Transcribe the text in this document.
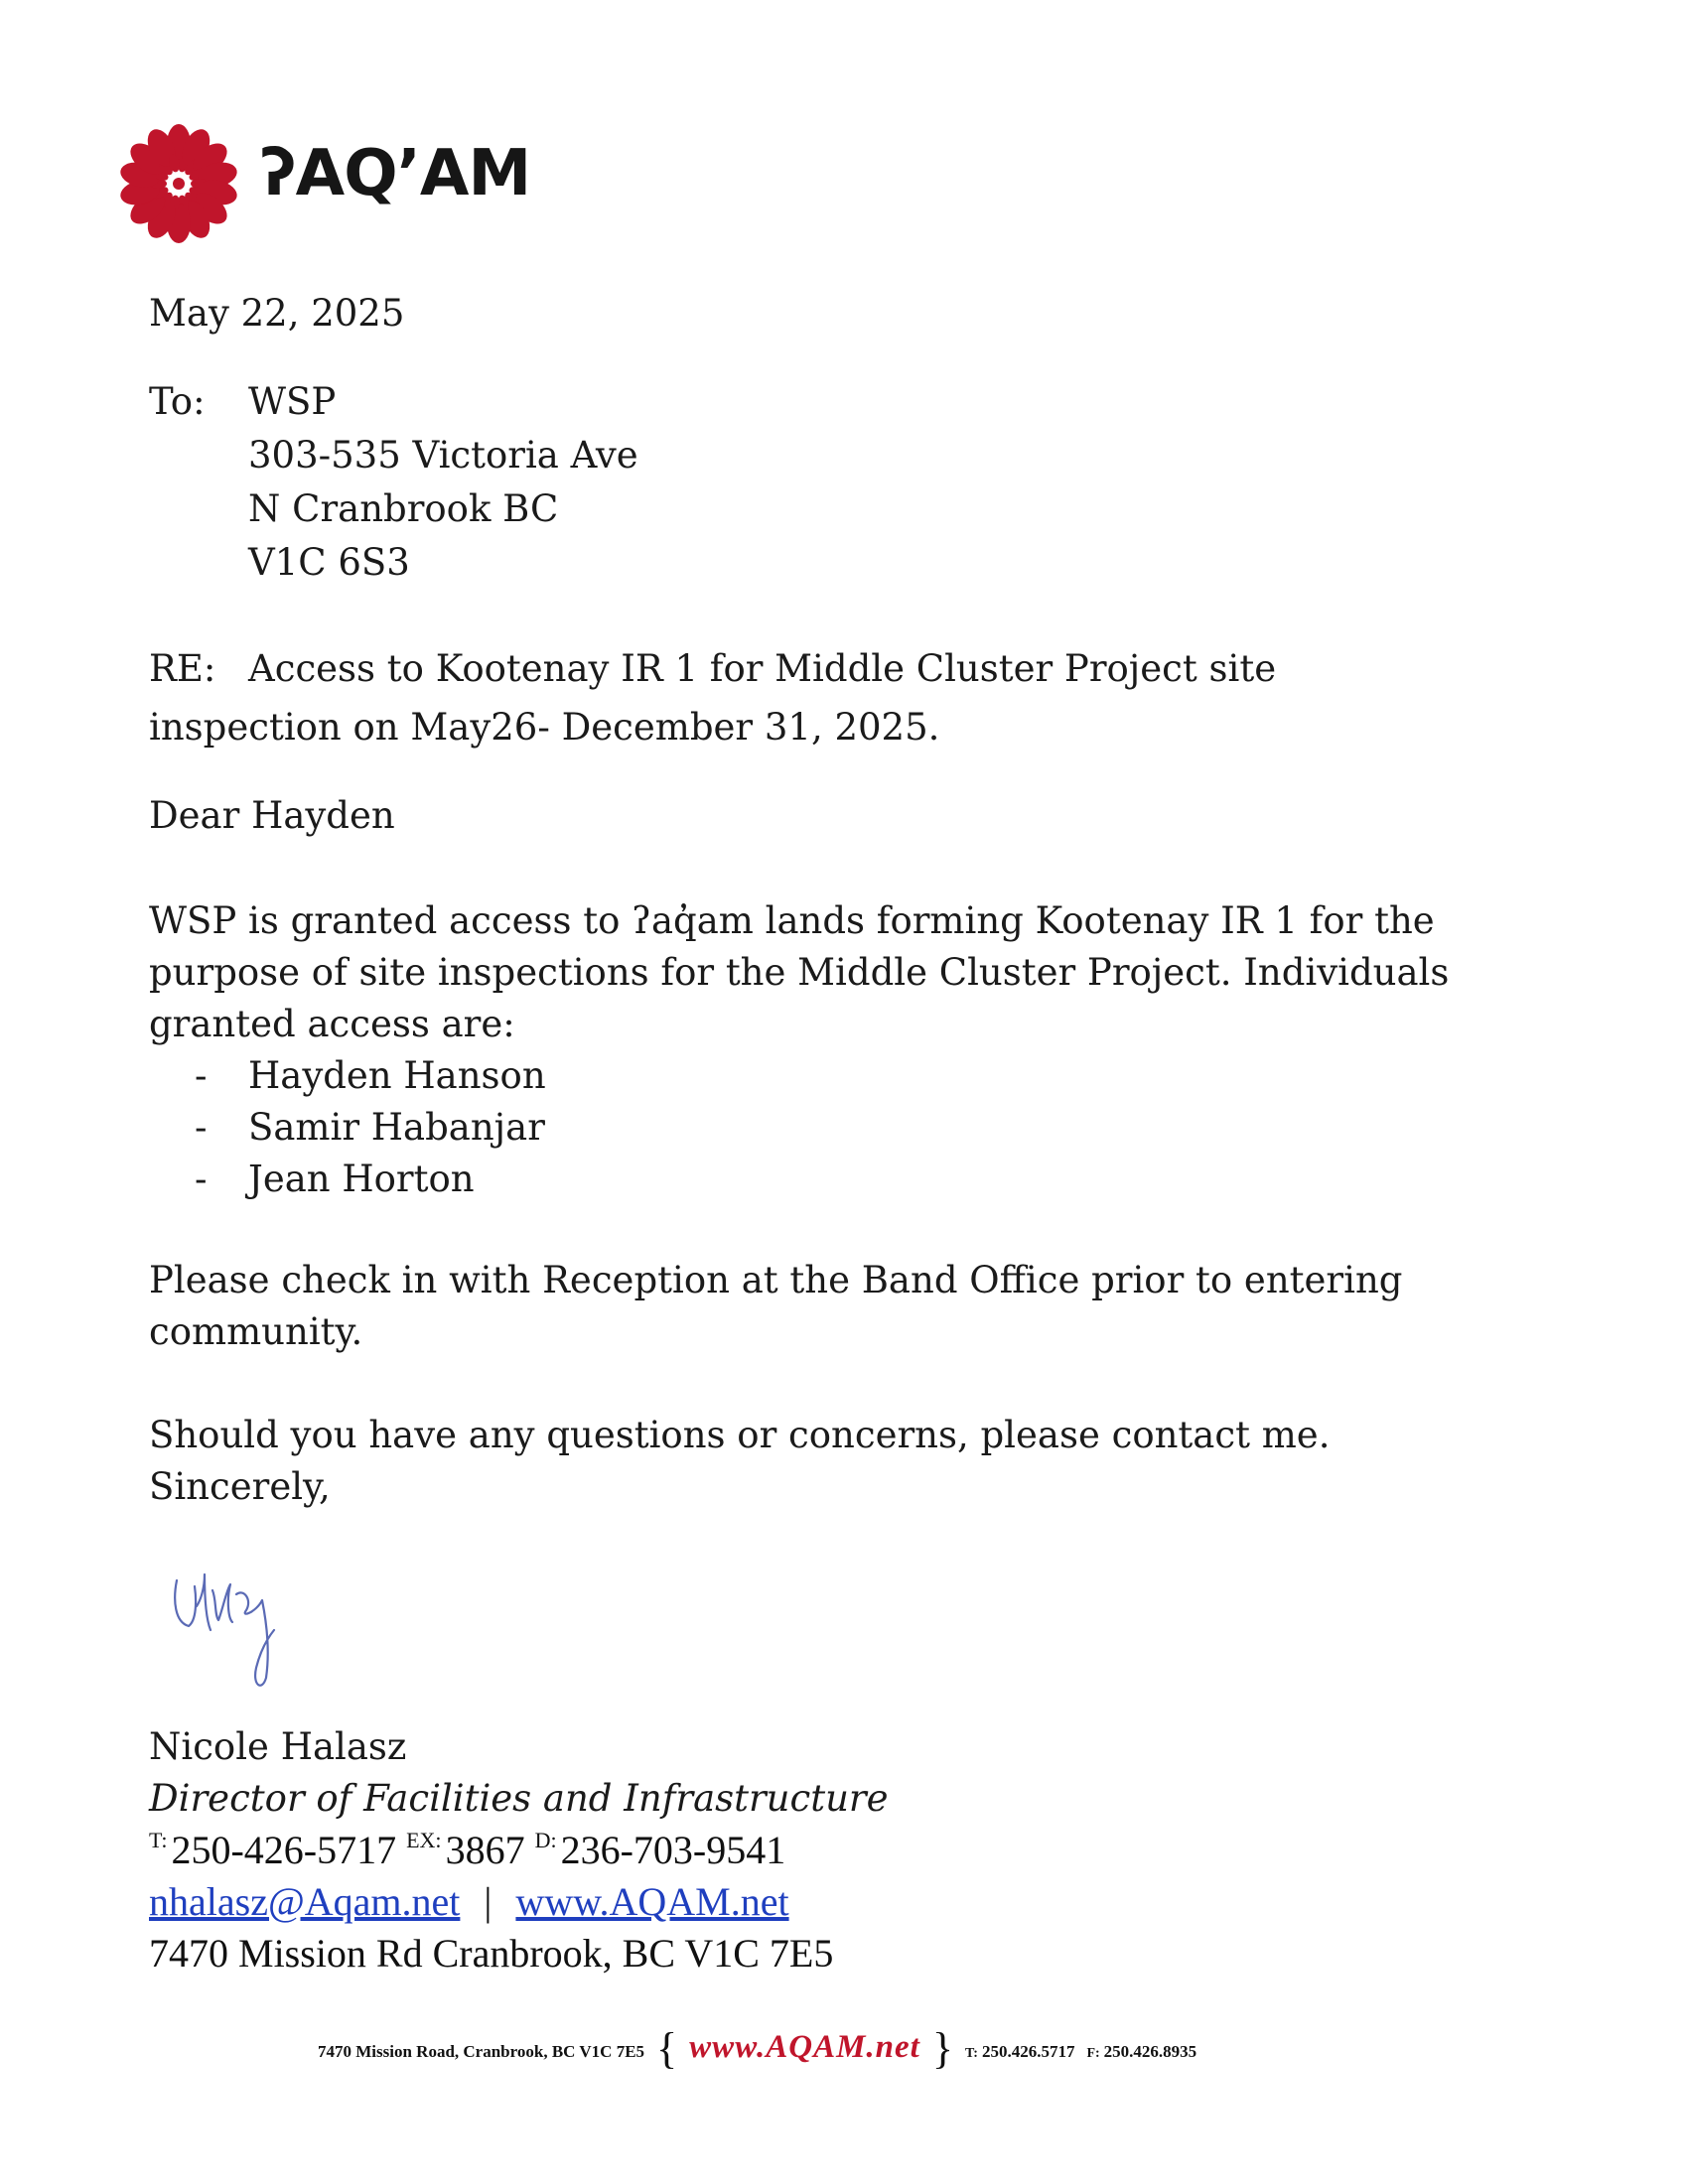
ʔAQ’AM
May 22, 2025
To: WSP
303-535 Victoria Ave
N Cranbrook BC
V1C 6S3
RE: Access to Kootenay IR 1 for Middle Cluster Project site
inspection on May26- December 31, 2025.
Dear Hayden
WSP is granted access to ʔaq̓am lands forming Kootenay IR 1 for the purpose of site inspections for the Middle Cluster Project. Individuals granted access are:
- Hayden Hanson
- Samir Habanjar
- Jean Horton
Please check in with Reception at the Band Office prior to entering community.
Should you have any questions or concerns, please contact me.
Sincerely,
Nicole Halasz
Director of Facilities and Infrastructure
$^{T:}$ 250-426-5717 $^{EX:}$ 3867 $^{D:}$ 236-703-9541
nhalasz@Aqam.net | www.AQAM.net
7470 Mission Rd Cranbrook, BC V1C 7E5
7470 Mission Road, Cranbrook, BC V1C 7E5 { www.AQAM.net } T: 250.426.5717 F: 250.426.8935
